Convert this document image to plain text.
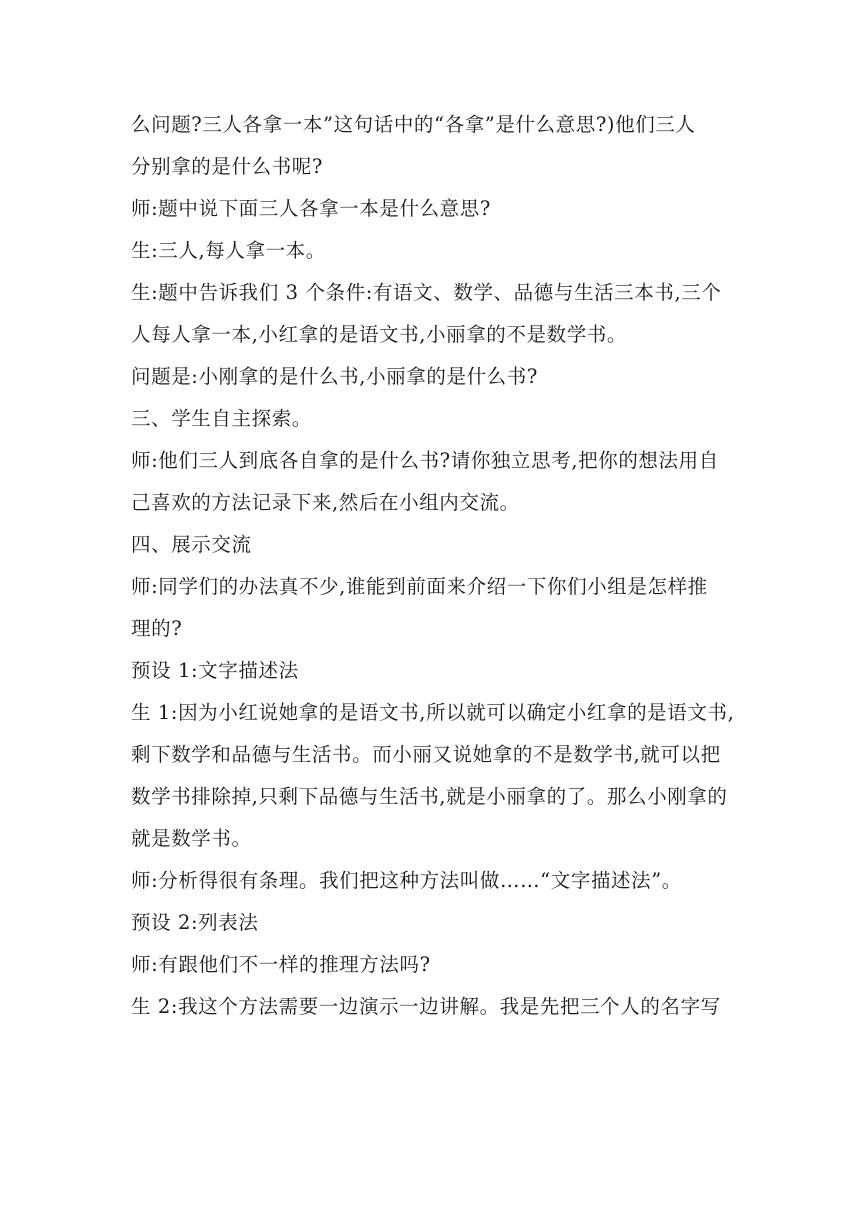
么问题?三人各拿一本”这句话中的“各拿”是什么意思?)他们三人
分别拿的是什么书呢?
师:题中说下面三人各拿一本是什么意思?
生:三人,每人拿一本。
生:题中告诉我们 3 个条件:有语文、数学、品德与生活三本书,三个
人每人拿一本,小红拿的是语文书,小丽拿的不是数学书。
问题是:小刚拿的是什么书,小丽拿的是什么书?
三、学生自主探索。
师:他们三人到底各自拿的是什么书?请你独立思考,把你的想法用自
己喜欢的方法记录下来,然后在小组内交流。
四、展示交流
师:同学们的办法真不少,谁能到前面来介绍一下你们小组是怎样推
理的?
预设 1:文字描述法
生 1:因为小红说她拿的是语文书,所以就可以确定小红拿的是语文书,
剩下数学和品德与生活书。而小丽又说她拿的不是数学书,就可以把
数学书排除掉,只剩下品德与生活书,就是小丽拿的了。那么小刚拿的
就是数学书。
师:分析得很有条理。我们把这种方法叫做……“文字描述法”。
预设 2:列表法
师:有跟他们不一样的推理方法吗?
生 2:我这个方法需要一边演示一边讲解。我是先把三个人的名字写
